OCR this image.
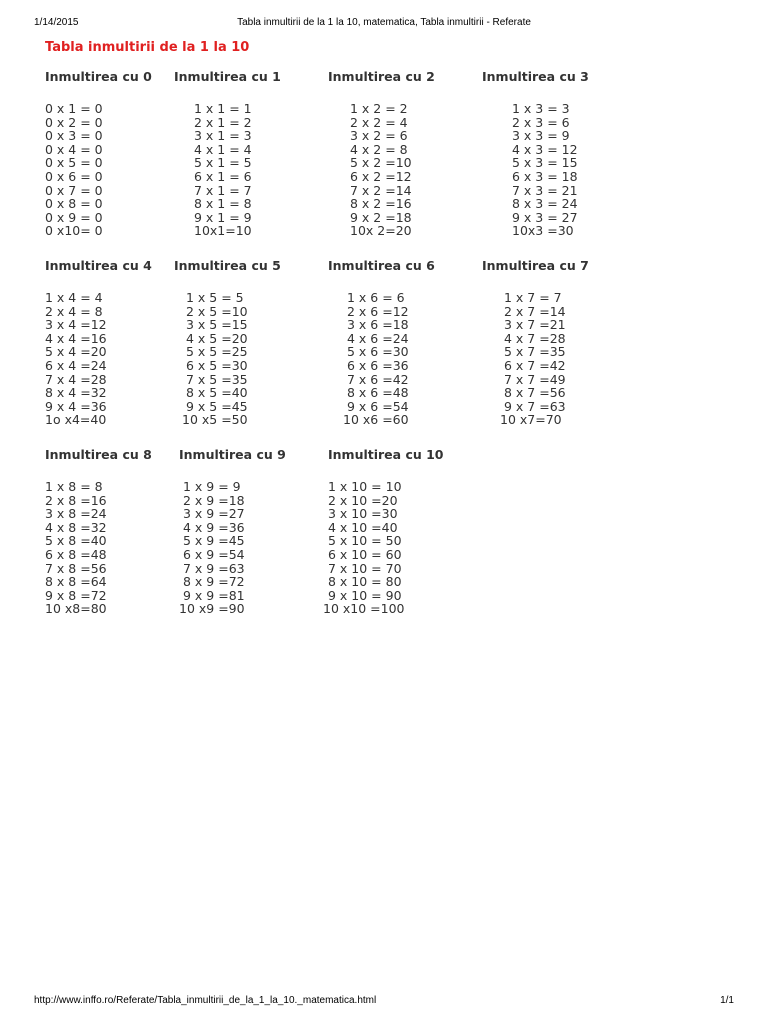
1/14/2015	Tabla inmultirii de la 1 la 10, matematica, Tabla inmultirii - Referate
Tabla inmultirii de la 1 la 10
Inmultirea cu 0
0 x 1 = 0
0 x 2 = 0
0 x 3 = 0
0 x 4 = 0
0 x 5 = 0
0 x 6 = 0
0 x 7 = 0
0 x 8 = 0
0 x 9 = 0
0 x10= 0
Inmultirea cu 1
1 x 1 = 1
2 x 1 = 2
3 x 1 = 3
4 x 1 = 4
5 x 1 = 5
6 x 1 = 6
7 x 1 = 7
8 x 1 = 8
9 x 1 = 9
10x1=10
Inmultirea cu 2
1 x 2 = 2
2 x 2 = 4
3 x 2 = 6
4 x 2 = 8
5 x 2 =10
6 x 2 =12
7 x 2 =14
8 x 2 =16
9 x 2 =18
10x 2=20
Inmultirea cu 3
1 x 3 = 3
2 x 3 = 6
3 x 3 = 9
4 x 3 = 12
5 x 3 = 15
6 x 3 = 18
7 x 3 = 21
8 x 3 = 24
9 x 3 = 27
10x3 =30
Inmultirea cu 4
1 x 4 = 4
2 x 4 = 8
3 x 4 =12
4 x 4 =16
5 x 4 =20
6 x 4 =24
7 x 4 =28
8 x 4 =32
9 x 4 =36
1o x4=40
Inmultirea cu 5
1 x 5 = 5
2 x 5 =10
3 x 5 =15
4 x 5 =20
5 x 5 =25
6 x 5 =30
7 x 5 =35
8 x 5 =40
9 x 5 =45
10 x5 =50
Inmultirea cu 6
1 x 6 = 6
2 x 6 =12
3 x 6 =18
4 x 6 =24
5 x 6 =30
6 x 6 =36
7 x 6 =42
8 x 6 =48
9 x 6 =54
10 x6 =60
Inmultirea cu 7
1 x 7 = 7
2 x 7 =14
3 x 7 =21
4 x 7 =28
5 x 7 =35
6 x 7 =42
7 x 7 =49
8 x 7 =56
9 x 7 =63
10 x7=70
Inmultirea cu 8
1 x 8 = 8
2 x 8 =16
3 x 8 =24
4 x 8 =32
5 x 8 =40
6 x 8 =48
7 x 8 =56
8 x 8 =64
9 x 8 =72
10 x8=80
Inmultirea cu 9
1 x 9 = 9
2 x 9 =18
3 x 9 =27
4 x 9 =36
5 x 9 =45
6 x 9 =54
7 x 9 =63
8 x 9 =72
9 x 9 =81
10 x9 =90
Inmultirea cu 10
1 x 10 = 10
2 x 10 =20
3 x 10 =30
4 x 10 =40
5 x 10 = 50
6 x 10 = 60
7 x 10 = 70
8 x 10 = 80
9 x 10 = 90
10 x10 =100
http://www.inffo.ro/Referate/Tabla_inmultirii_de_la_1_la_10._matematica.html	1/1
